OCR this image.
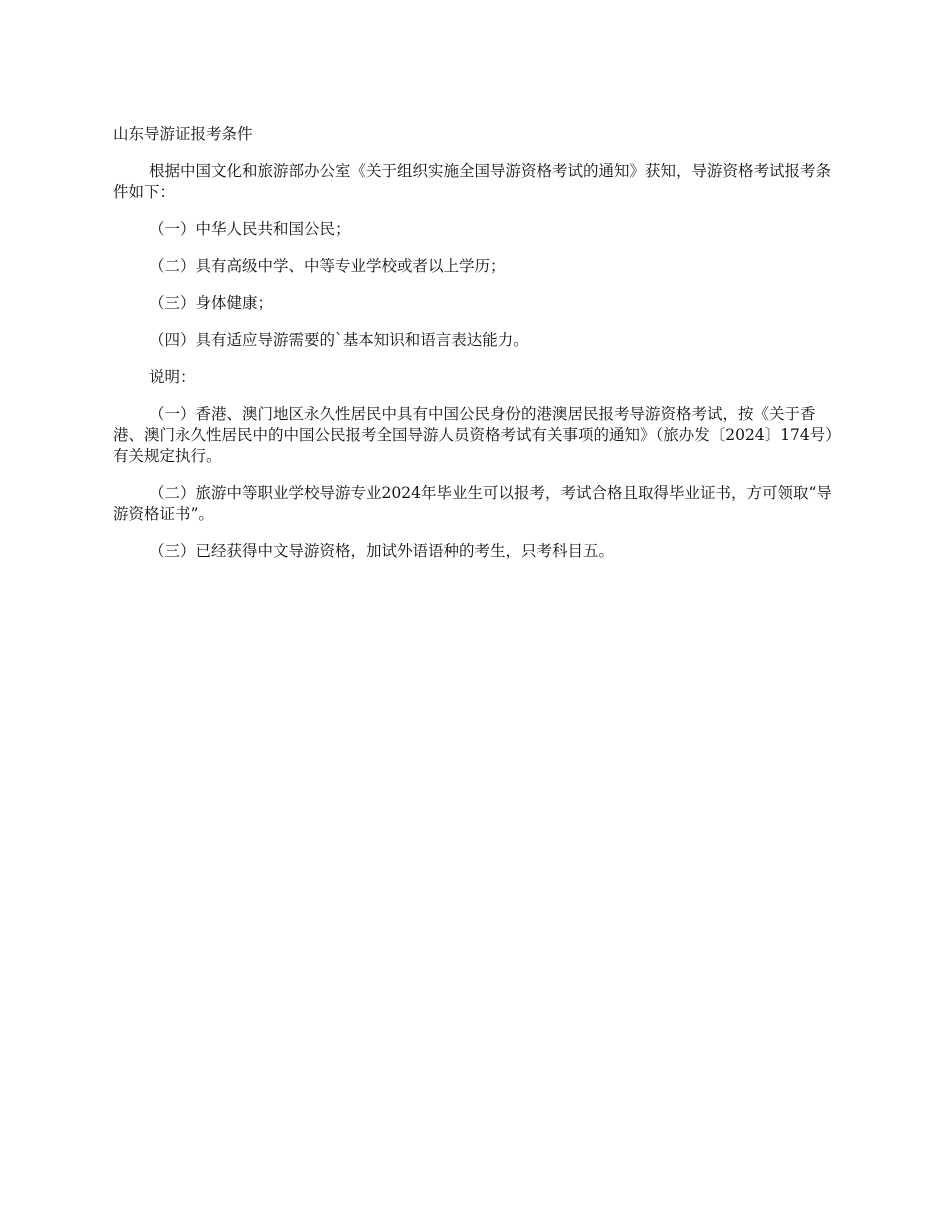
山东导游证报考条件
根据中国文化和旅游部办公室《关于组织实施全国导游资格考试的通知》获知，导游资格考试报考条件如下：
（一）中华人民共和国公民；
（二）具有高级中学、中等专业学校或者以上学历；
（三）身体健康；
（四）具有适应导游需要的`基本知识和语言表达能力。
说明：
（一）香港、澳门地区永久性居民中具有中国公民身份的港澳居民报考导游资格考试，按《关于香港、澳门永久性居民中的中国公民报考全国导游人员资格考试有关事项的通知》（旅办发〔2024〕174号）有关规定执行。
（二）旅游中等职业学校导游专业2024年毕业生可以报考，考试合格且取得毕业证书，方可领取“导游资格证书”。
（三）已经获得中文导游资格，加试外语语种的考生，只考科目五。
